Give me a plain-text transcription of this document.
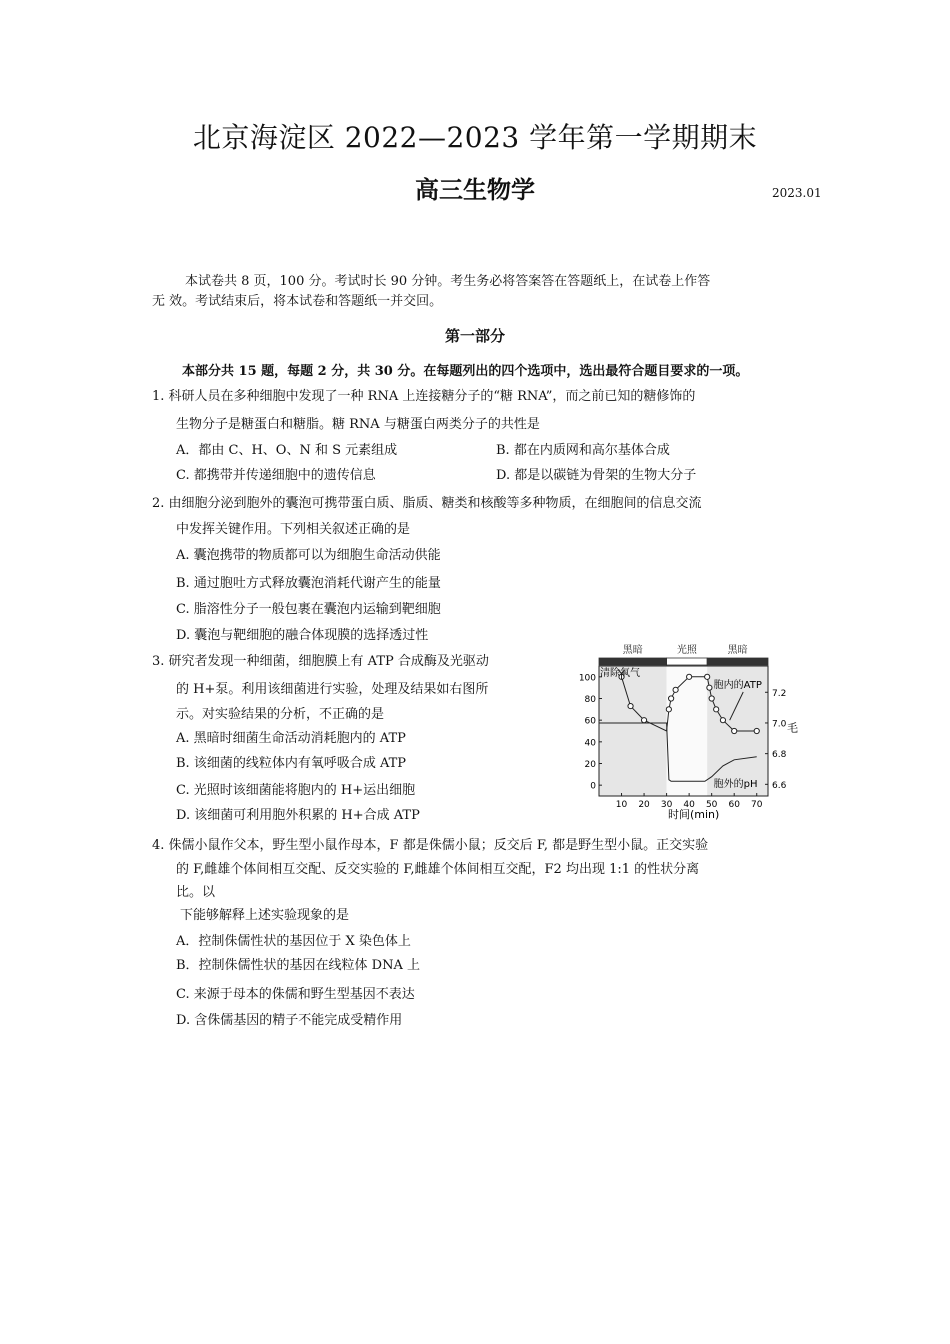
北京海淀区 2022—2023 学年第一学期期末
高三生物学	2023.01
本试卷共 8 页，100 分。考试时长 90 分钟。考生务必将答案答在答题纸上，在试卷上作答
无 效。考试结束后，将本试卷和答题纸一并交回。
第一部分
本部分共 15 题，每题 2 分，共 30 分。在每题列出的四个选项中，选出最符合题目要求的一项。
1. 科研人员在多种细胞中发现了一种 RNA 上连接糖分子的“糖 RNA”，而之前已知的糖修饰的
生物分子是糖蛋白和糖脂。糖 RNA 与糖蛋白两类分子的共性是
A．都由 C、H、O、N 和 S 元素组成	B. 都在内质网和高尔基体合成
C. 都携带并传递细胞中的遗传信息	D. 都是以碳链为骨架的生物大分子
2. 由细胞分泌到胞外的囊泡可携带蛋白质、脂质、糖类和核酸等多种物质，在细胞间的信息交流
中发挥关键作用。下列相关叙述正确的是
A. 囊泡携带的物质都可以为细胞生命活动供能
B. 通过胞吐方式释放囊泡消耗代谢产生的能量
C. 脂溶性分子一般包裹在囊泡内运输到靶细胞
D. 囊泡与靶细胞的融合体现膜的选择透过性
3. 研究者发现一种细菌，细胞膜上有 ATP 合成酶及光驱动
的 H+泵。利用该细菌进行实验，处理及结果如右图所
示。对实验结果的分析，不正确的是
A. 黑暗时细菌生命活动消耗胞内的 ATP
B. 该细菌的线粒体内有氧呼吸合成 ATP
C. 光照时该细菌能将胞内的 H+运出细胞
D. 该细菌可利用胞外积累的 H+合成 ATP
黑暗	光照	黑暗
100
80
60
40
20
0
7.2
7.0
6.8
6.6
毛
10 20 30 40 50 60 70
时间(min)
清除氧气
胞内的ATP
胞外的pH
4. 侏儒小鼠作父本，野生型小鼠作母本，F 都是侏儒小鼠；反交后 F, 都是野生型小鼠。正交实验
的 F,雌雄个体间相互交配、反交实验的 F,雌雄个体间相互交配，F2 均出现 1:1 的性状分离
比。以
下能够解释上述实验现象的是
A．控制侏儒性状的基因位于 X 染色体上
B．控制侏儒性状的基因在线粒体 DNA 上
C. 来源于母本的侏儒和野生型基因不表达
D. 含侏儒基因的精子不能完成受精作用
